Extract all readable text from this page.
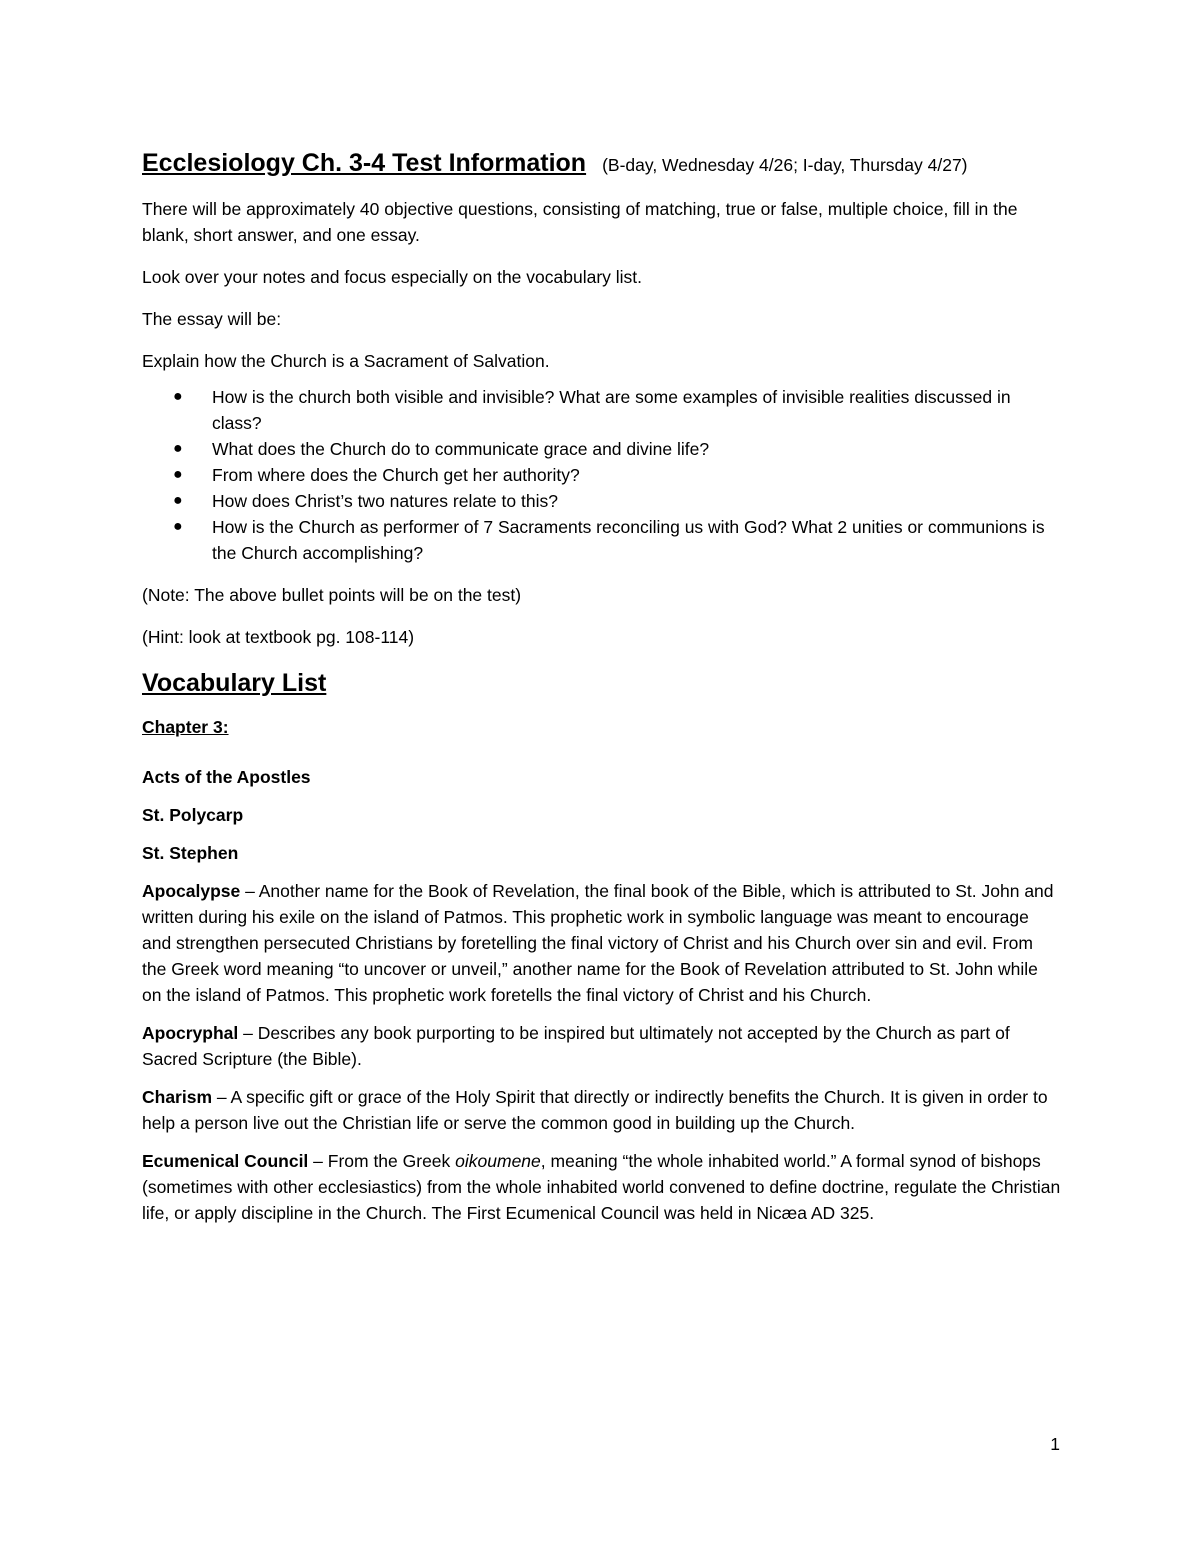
Ecclesiology Ch. 3-4 Test Information (B-day, Wednesday 4/26; I-day, Thursday 4/27)

There will be approximately 40 objective questions, consisting of matching, true or false, multiple choice, fill in the blank, short answer, and one essay.

Look over your notes and focus especially on the vocabulary list.

The essay will be:

Explain how the Church is a Sacrament of Salvation.

● How is the church both visible and invisible? What are some examples of invisible realities discussed in class?
● What does the Church do to communicate grace and divine life?
● From where does the Church get her authority?
● How does Christ’s two natures relate to this?
● How is the Church as performer of 7 Sacraments reconciling us with God? What 2 unities or communions is the Church accomplishing?

(Note: The above bullet points will be on the test)

(Hint: look at textbook pg. 108-114)

Vocabulary List
Chapter 3:
Acts of the Apostles
St. Polycarp
St. Stephen
Apocalypse – Another name for the Book of Revelation, the final book of the Bible, which is attributed to St. John and written during his exile on the island of Patmos. This prophetic work in symbolic language was meant to encourage and strengthen persecuted Christians by foretelling the final victory of Christ and his Church over sin and evil. From the Greek word meaning “to uncover or unveil,” another name for the Book of Revelation attributed to St. John while on the island of Patmos. This prophetic work foretells the final victory of Christ and his Church.
Apocryphal – Describes any book purporting to be inspired but ultimately not accepted by the Church as part of Sacred Scripture (the Bible).
Charism – A specific gift or grace of the Holy Spirit that directly or indirectly benefits the Church. It is given in order to help a person live out the Christian life or serve the common good in building up the Church.
Ecumenical Council – From the Greek oikoumene, meaning “the whole inhabited world.” A formal synod of bishops (sometimes with other ecclesiastics) from the whole inhabited world convened to define doctrine, regulate the Christian life, or apply discipline in the Church. The First Ecumenical Council was held in Nicæa AD 325.
1
